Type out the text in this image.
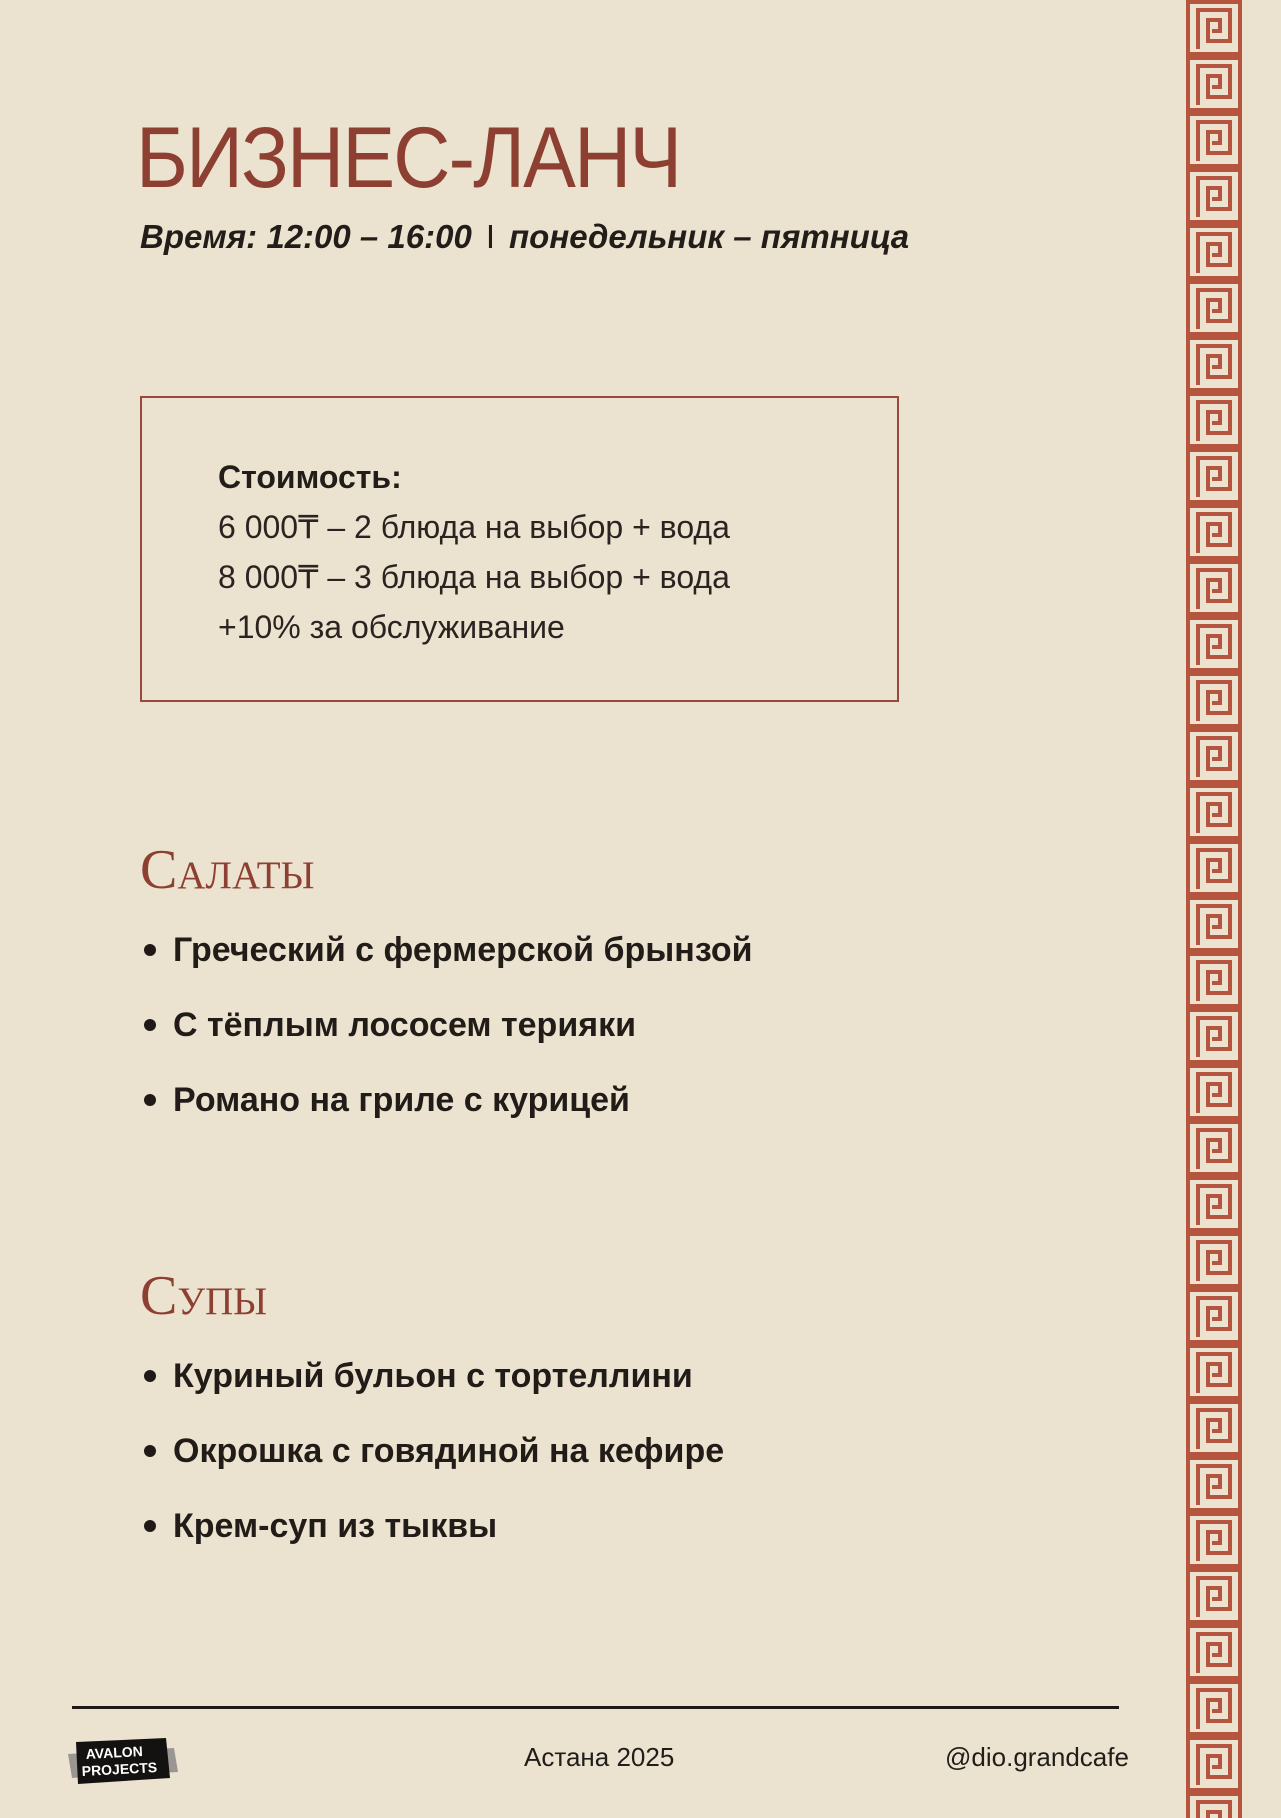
БИЗНЕС-ЛАНЧ
Время: 12:00 – 16:00 I понедельник – пятница
Стоимость:
6 000₸ – 2 блюда на выбор + вода
8 000₸ – 3 блюда на выбор + вода
+10% за обслуживание
Салаты
Греческий с фермерской брынзой
С тёплым лососем терияки
Романо на гриле с курицей
Супы
Куриный бульон с тортеллини
Окрошка с говядиной на кефире
Крем-суп из тыквы
AVALON
PROJECTS	Астана 2025	@dio.grandcafe
